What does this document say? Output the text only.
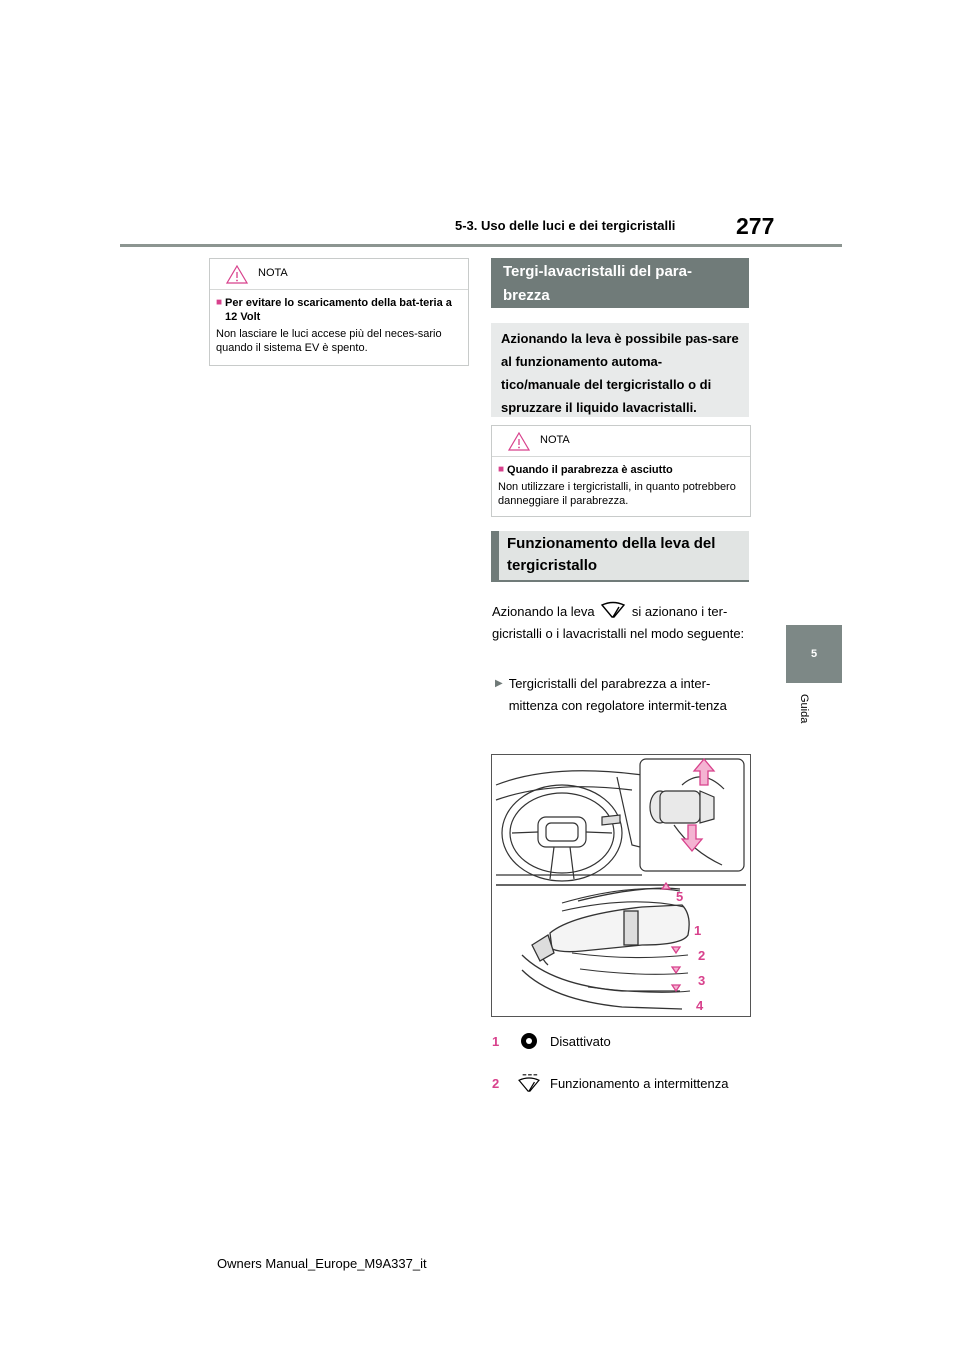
5-3. Uso delle luci e dei tergicristalli	277
5
Guida
NOTA
■ Per evitare lo scaricamento della bat-teria a 12 Volt
Non lasciare le luci accese più del neces-sario quando il sistema EV è spento.
Tergi-lavacristalli del para-brezza
Azionando la leva è possibile pas-sare al funzionamento automa-tico/manuale del tergicristallo o di spruzzare il liquido lavacristalli.
NOTA
■ Quando il parabrezza è asciutto
Non utilizzare i tergicristalli, in quanto potrebbero danneggiare il parabrezza.
Funzionamento della leva del tergicristallo
Azionando la leva	si azionano i ter-gicristalli o i lavacristalli nel modo seguente:
▶ Tergicristalli del parabrezza a inter-mittenza con regolatore intermit-tenza
5
1
2
3
4
1	Disattivato
2	Funzionamento a intermittenza
Owners Manual_Europe_M9A337_it
